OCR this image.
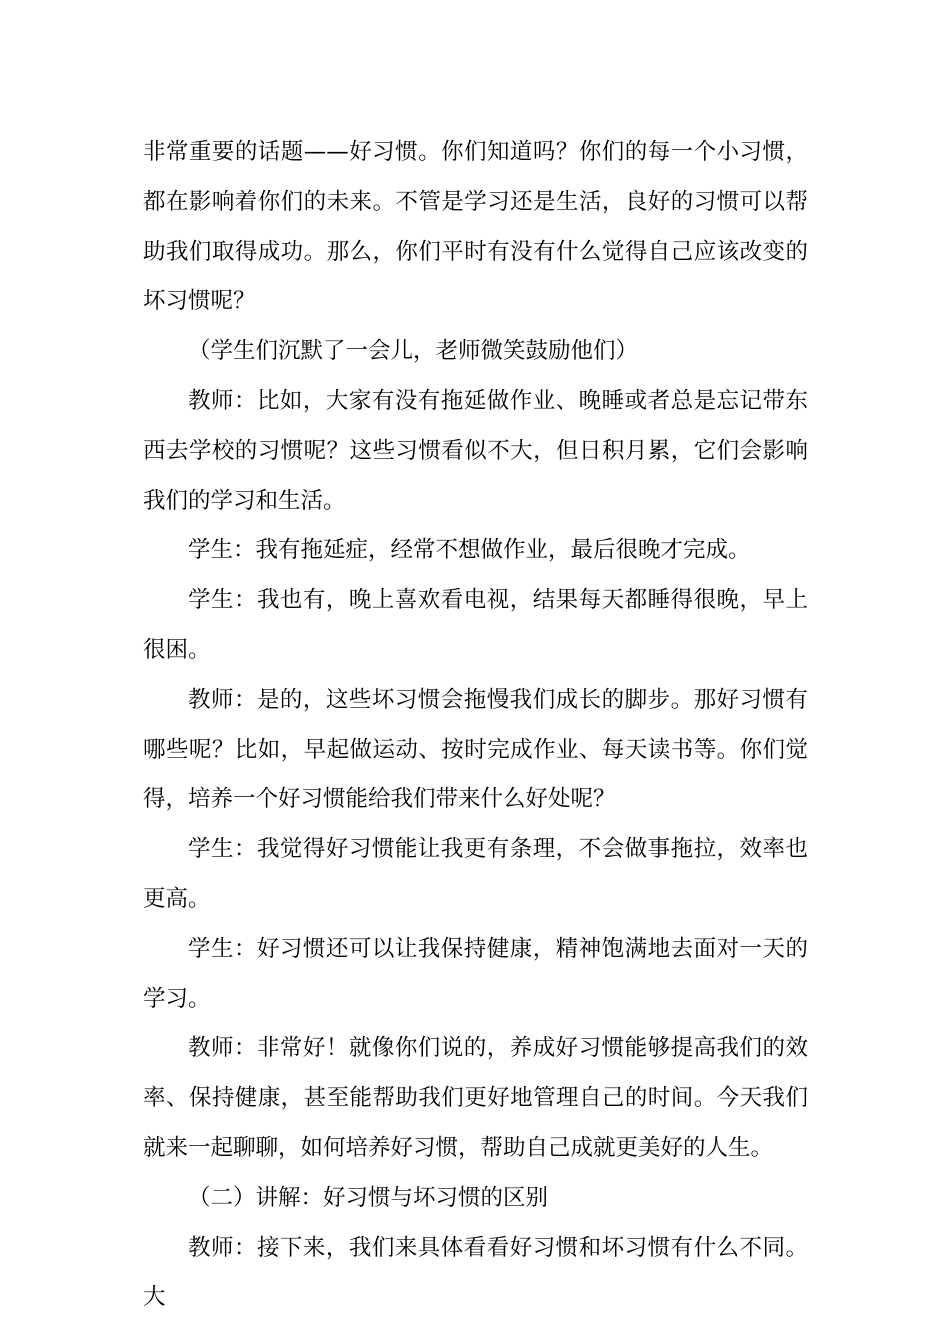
非常重要的话题——好习惯。你们知道吗？你们的每一个小习惯，都在影响着你们的未来。不管是学习还是生活，良好的习惯可以帮助我们取得成功。那么，你们平时有没有什么觉得自己应该改变的坏习惯呢？

（学生们沉默了一会儿，老师微笑鼓励他们）

教师：比如，大家有没有拖延做作业、晚睡或者总是忘记带东西去学校的习惯呢？这些习惯看似不大，但日积月累，它们会影响我们的学习和生活。

学生：我有拖延症，经常不想做作业，最后很晚才完成。

学生：我也有，晚上喜欢看电视，结果每天都睡得很晚，早上很困。

教师：是的，这些坏习惯会拖慢我们成长的脚步。那好习惯有哪些呢？比如，早起做运动、按时完成作业、每天读书等。你们觉得，培养一个好习惯能给我们带来什么好处呢？

学生：我觉得好习惯能让我更有条理，不会做事拖拉，效率也更高。

学生：好习惯还可以让我保持健康，精神饱满地去面对一天的学习。

教师：非常好！就像你们说的，养成好习惯能够提高我们的效率、保持健康，甚至能帮助我们更好地管理自己的时间。今天我们就来一起聊聊，如何培养好习惯，帮助自己成就更美好的人生。

（二）讲解：好习惯与坏习惯的区别

教师：接下来，我们来具体看看好习惯和坏习惯有什么不同。大
